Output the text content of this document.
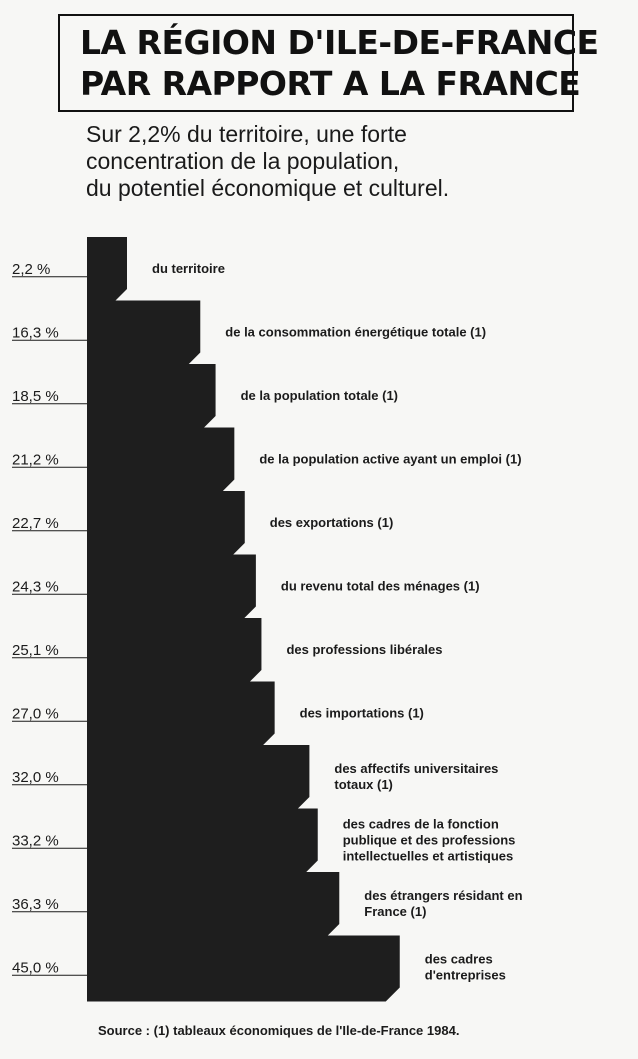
LA RÉGION D'ILE-DE-FRANCE
PAR RAPPORT A LA FRANCE
Sur 2,2% du territoire, une forte
concentration de la population,
du potentiel économique et culturel.
2,2 %	du territoire
16,3 %	de la consommation énergétique totale (1)
18,5 %	de la population totale (1)
21,2 %	de la population active ayant un emploi (1)
22,7 %	des exportations (1)
24,3 %	du revenu total des ménages (1)
25,1 %	des professions libérales
27,0 %	des importations (1)
32,0 %
des affectifs universitaires totaux (1)
33,2 %
des cadres de la fonction publique et des professions intellectuelles et artistiques
36,3 %
des étrangers résidant en France (1)
45,0 %
des cadres d'entreprises
Source : (1) tableaux économiques de l'Ile-de-France 1984.
